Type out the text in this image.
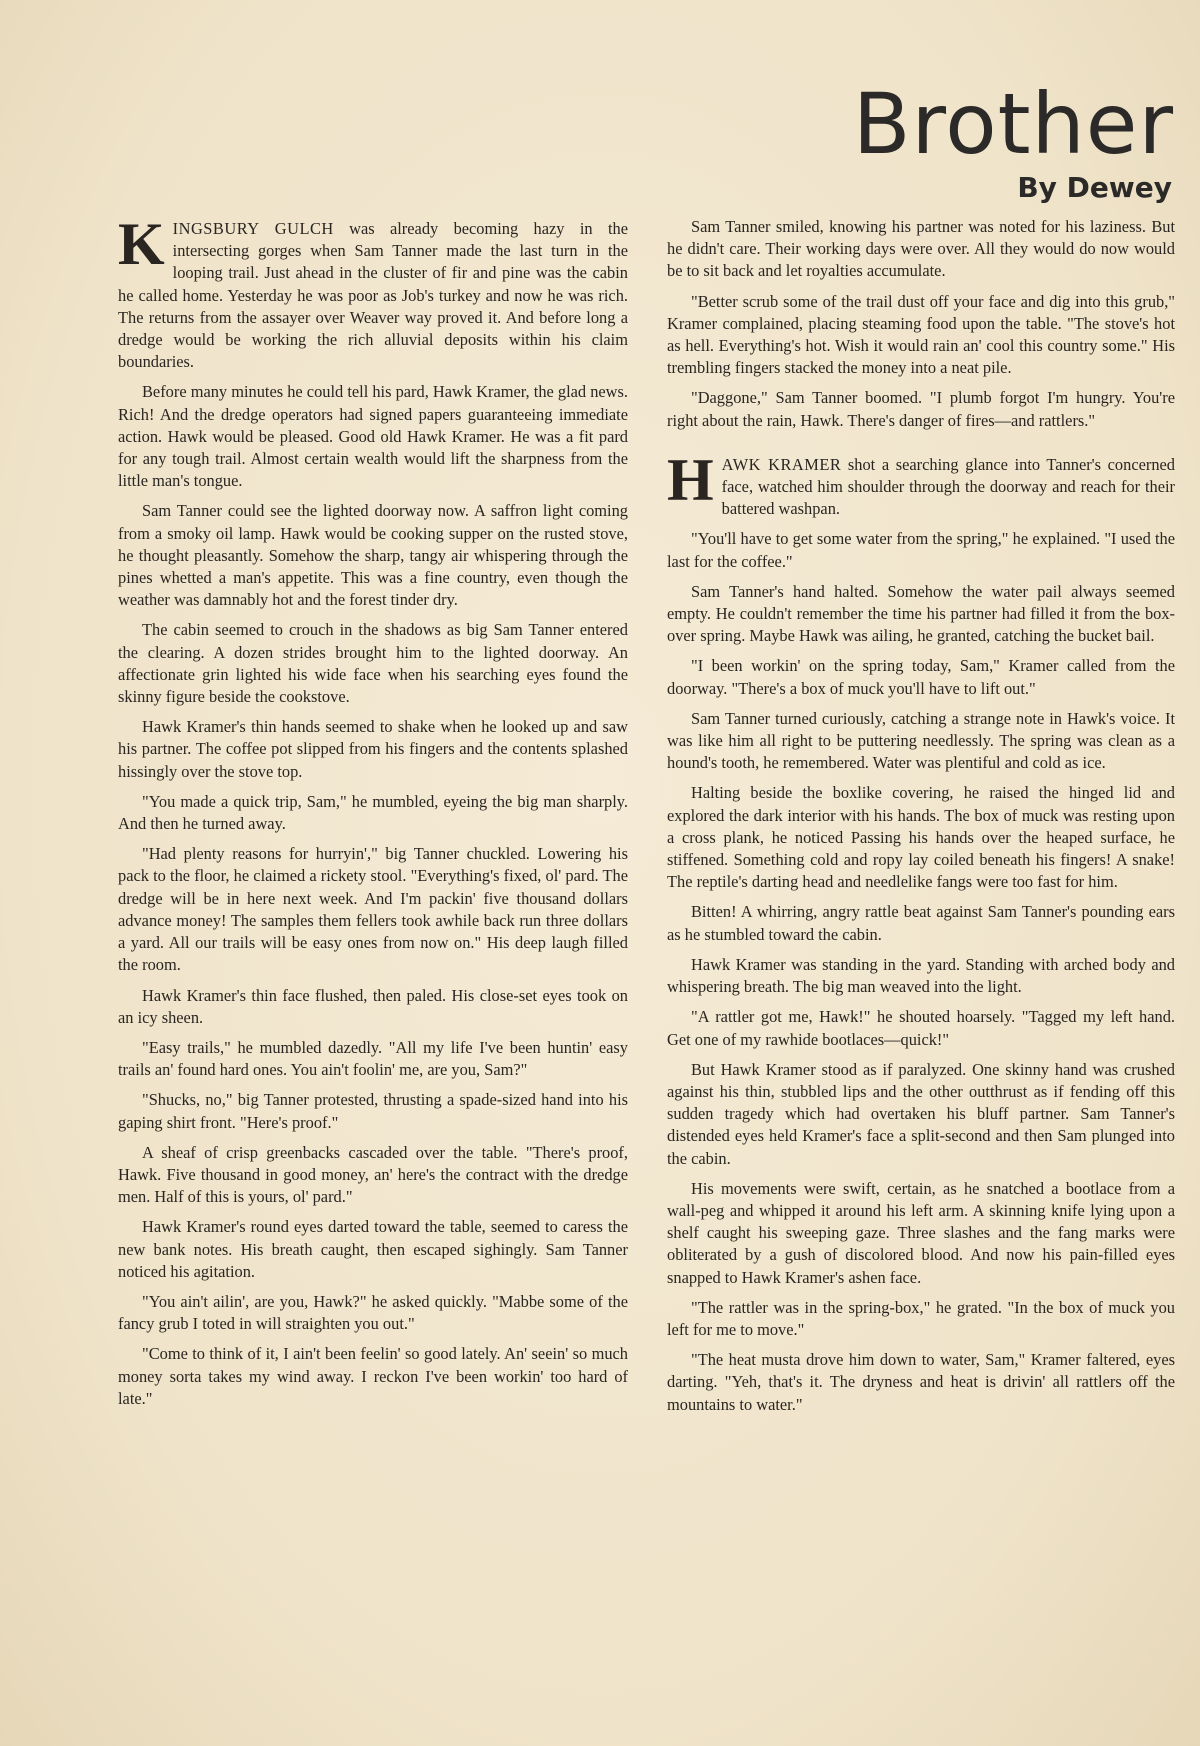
Brother
By Dewey

KINGSBURY GULCH was already becoming hazy in the intersecting gorges when Sam Tanner made the last turn in the looping trail. Just ahead in the cluster of fir and pine was the cabin he called home. Yesterday he was poor as Job's turkey and now he was rich. The returns from the assayer over Weaver way proved it. And before long a dredge would be working the rich alluvial deposits within his claim boundaries.

Before many minutes he could tell his pard, Hawk Kramer, the glad news. Rich! And the dredge operators had signed papers guaranteeing immediate action. Hawk would be pleased. Good old Hawk Kramer. He was a fit pard for any tough trail. Almost certain wealth would lift the sharpness from the little man's tongue.

Sam Tanner could see the lighted doorway now. A saffron light coming from a smoky oil lamp. Hawk would be cooking supper on the rusted stove, he thought pleasantly. Somehow the sharp, tangy air whispering through the pines whetted a man's appetite. This was a fine country, even though the weather was damnably hot and the forest tinder dry.

The cabin seemed to crouch in the shadows as big Sam Tanner entered the clearing. A dozen strides brought him to the lighted doorway. An affectionate grin lighted his wide face when his searching eyes found the skinny figure beside the cookstove.

Hawk Kramer's thin hands seemed to shake when he looked up and saw his partner. The coffee pot slipped from his fingers and the contents splashed hissingly over the stove top.

"You made a quick trip, Sam," he mumbled, eyeing the big man sharply. And then he turned away.

"Had plenty reasons for hurryin'," big Tanner chuckled. Lowering his pack to the floor, he claimed a rickety stool. "Everything's fixed, ol' pard. The dredge will be in here next week. And I'm packin' five thousand dollars advance money! The samples them fellers took awhile back run three dollars a yard. All our trails will be easy ones from now on." His deep laugh filled the room.

Hawk Kramer's thin face flushed, then paled. His close-set eyes took on an icy sheen.

"Easy trails," he mumbled dazedly. "All my life I've been huntin' easy trails an' found hard ones. You ain't foolin' me, are you, Sam?"

"Shucks, no," big Tanner protested, thrusting a spade-sized hand into his gaping shirt front. "Here's proof."

A sheaf of crisp greenbacks cascaded over the table. "There's proof, Hawk. Five thousand in good money, an' here's the contract with the dredge men. Half of this is yours, ol' pard."

Hawk Kramer's round eyes darted toward the table, seemed to caress the new bank notes. His breath caught, then escaped sighingly. Sam Tanner noticed his agitation.

"You ain't ailin', are you, Hawk?" he asked quickly. "Mabbe some of the fancy grub I toted in will straighten you out."

"Come to think of it, I ain't been feelin' so good lately. An' seein' so much money sorta takes my wind away. I reckon I've been workin' too hard of late."

Sam Tanner smiled, knowing his partner was noted for his laziness. But he didn't care. Their working days were over. All they would do now would be to sit back and let royalties accumulate.

"Better scrub some of the trail dust off your face and dig into this grub," Kramer complained, placing steaming food upon the table. "The stove's hot as hell. Everything's hot. Wish it would rain an' cool this country some." His trembling fingers stacked the money into a neat pile.

"Daggone," Sam Tanner boomed. "I plumb forgot I'm hungry. You're right about the rain, Hawk. There's danger of fires—and rattlers."

HAWK KRAMER shot a searching glance into Tanner's concerned face, watched him shoulder through the doorway and reach for their battered washpan.

"You'll have to get some water from the spring," he explained. "I used the last for the coffee."

Sam Tanner's hand halted. Somehow the water pail always seemed empty. He couldn't remember the time his partner had filled it from the box-over spring. Maybe Hawk was ailing, he granted, catching the bucket bail.

"I been workin' on the spring today, Sam," Kramer called from the doorway. "There's a box of muck you'll have to lift out."

Sam Tanner turned curiously, catching a strange note in Hawk's voice. It was like him all right to be puttering needlessly. The spring was clean as a hound's tooth, he remembered. Water was plentiful and cold as ice.

Halting beside the boxlike covering, he raised the hinged lid and explored the dark interior with his hands. The box of muck was resting upon a cross plank, he noticed Passing his hands over the heaped surface, he stiffened. Something cold and ropy lay coiled beneath his fingers! A snake! The reptile's darting head and needlelike fangs were too fast for him.

Bitten! A whirring, angry rattle beat against Sam Tanner's pounding ears as he stumbled toward the cabin.

Hawk Kramer was standing in the yard. Standing with arched body and whispering breath. The big man weaved into the light.

"A rattler got me, Hawk!" he shouted hoarsely. "Tagged my left hand. Get one of my rawhide bootlaces—quick!"

But Hawk Kramer stood as if paralyzed. One skinny hand was crushed against his thin, stubbled lips and the other outthrust as if fending off this sudden tragedy which had overtaken his bluff partner. Sam Tanner's distended eyes held Kramer's face a split-second and then Sam plunged into the cabin.

His movements were swift, certain, as he snatched a bootlace from a wall-peg and whipped it around his left arm. A skinning knife lying upon a shelf caught his sweeping gaze. Three slashes and the fang marks were obliterated by a gush of discolored blood. And now his pain-filled eyes snapped to Hawk Kramer's ashen face.

"The rattler was in the spring-box," he grated. "In the box of muck you left for me to move."

"The heat musta drove him down to water, Sam," Kramer faltered, eyes darting. "Yeh, that's it. The dryness and heat is drivin' all rattlers off the mountains to water."
